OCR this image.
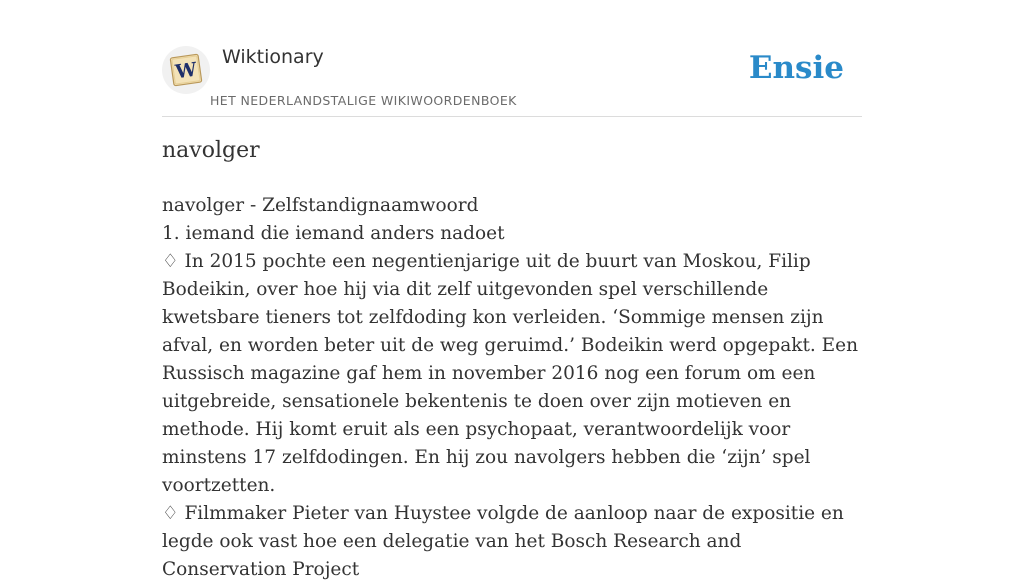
W
Wiktionary
HET NEDERLANDSTALIGE WIKIWOORDENBOEK
Ensie
navolger

navolger - Zelfstandignaamwoord

1. iemand die iemand anders nadoet

♢ In 2015 pochte een negentienjarige uit de buurt van Moskou, Filip Bodeikin, over hoe hij via dit zelf uitgevonden spel verschillende kwetsbare tieners tot zelfdoding kon verleiden. ‘Sommige mensen zijn afval, en worden beter uit de weg geruimd.’ Bodeikin werd opgepakt. Een Russisch magazine gaf hem in november 2016 nog een forum om een uitgebreide, sensationele bekentenis te doen over zijn motieven en methode. Hij komt eruit als een psychopaat, verantwoordelijk voor minstens 17 zelfdodingen. En hij zou navolgers hebben die ‘zijn’ spel voortzetten.

♢ Filmmaker Pieter van Huystee volgde de aanloop naar de expositie en legde ook vast hoe een delegatie van het Bosch Research and Conservation Project
